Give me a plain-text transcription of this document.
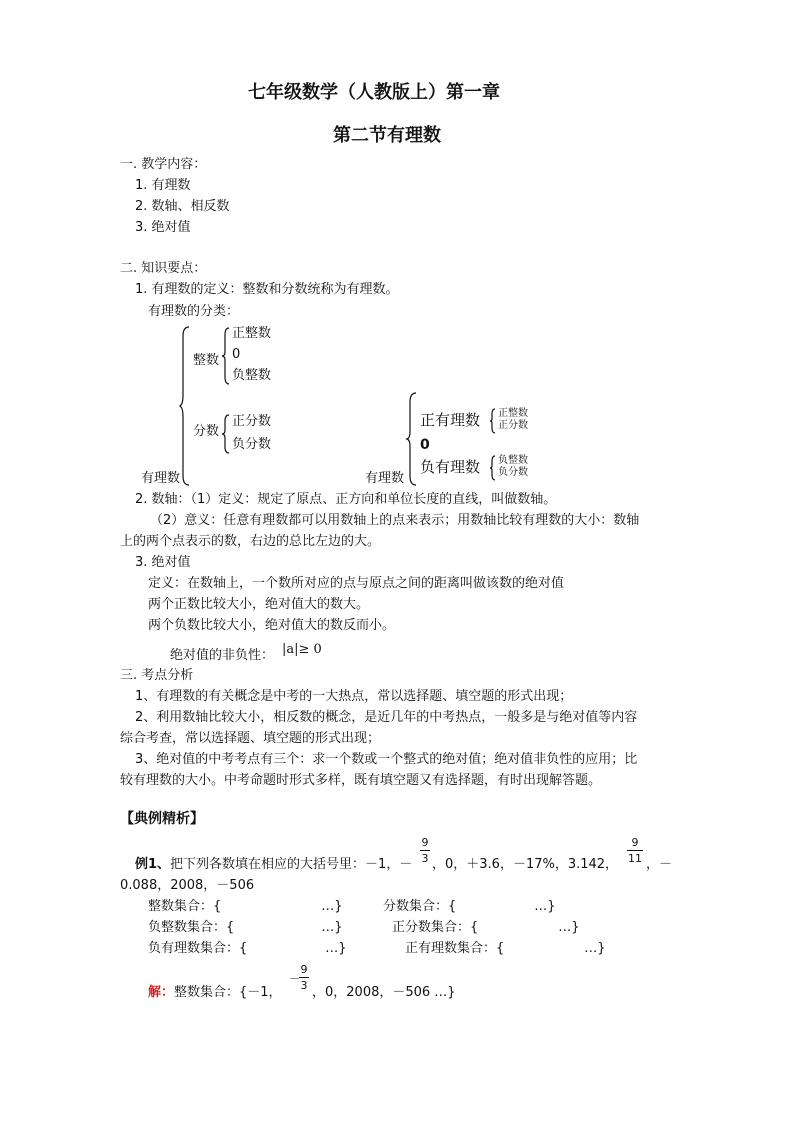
七年级数学（人教版上）第一章
第二节有理数
一. 教学内容：
1. 有理数
2. 数轴、相反数
3. 绝对值
二. 知识要点：
1. 有理数的定义：整数和分数统称为有理数。
有理数的分类：
有理数
整数
正整数
0
负整数
分数
正分数
负分数
有理数
正有理数 正整数
正分数
0
负有理数 负整数
负分数
2. 数轴：（1）定义：规定了原点、正方向和单位长度的直线，叫做数轴。
（2）意义：任意有理数都可以用数轴上的点来表示；用数轴比较有理数的大小：数轴
上的两个点表示的数，右边的总比左边的大。
3. 绝对值
定义：在数轴上，一个数所对应的点与原点之间的距离叫做该数的绝对值
两个正数比较大小，绝对值大的数大。
两个负数比较大小，绝对值大的数反而小。
绝对值的非负性： |a|≥ 0
三. 考点分析
1、有理数的有关概念是中考的一大热点，常以选择题、填空题的形式出现；
2、利用数轴比较大小，相反数的概念，是近几年的中考热点，一般多是与绝对值等内容
综合考查，常以选择题、填空题的形式出现；
3、绝对值的中考考点有三个：求一个数或一个整式的绝对值；绝对值非负性的应用；比
较有理数的大小。中考命题时形式多样，既有填空题又有选择题，有时出现解答题。
【典例精析】
例1、把下列各数填在相应的大括号里：－1，－
9
3 ，0，＋3.6，－17%，3.142，
9
11 ，－
0.088，2008，－506
整数集合：{	…}	分数集合：{	…}
负整数集合：{	…}	正分数集合：{	…}
负有理数集合：{	…}	正有理数集合：{	…}
解：整数集合：{－1，
－
9
3 ，0，2008，－506 …}
